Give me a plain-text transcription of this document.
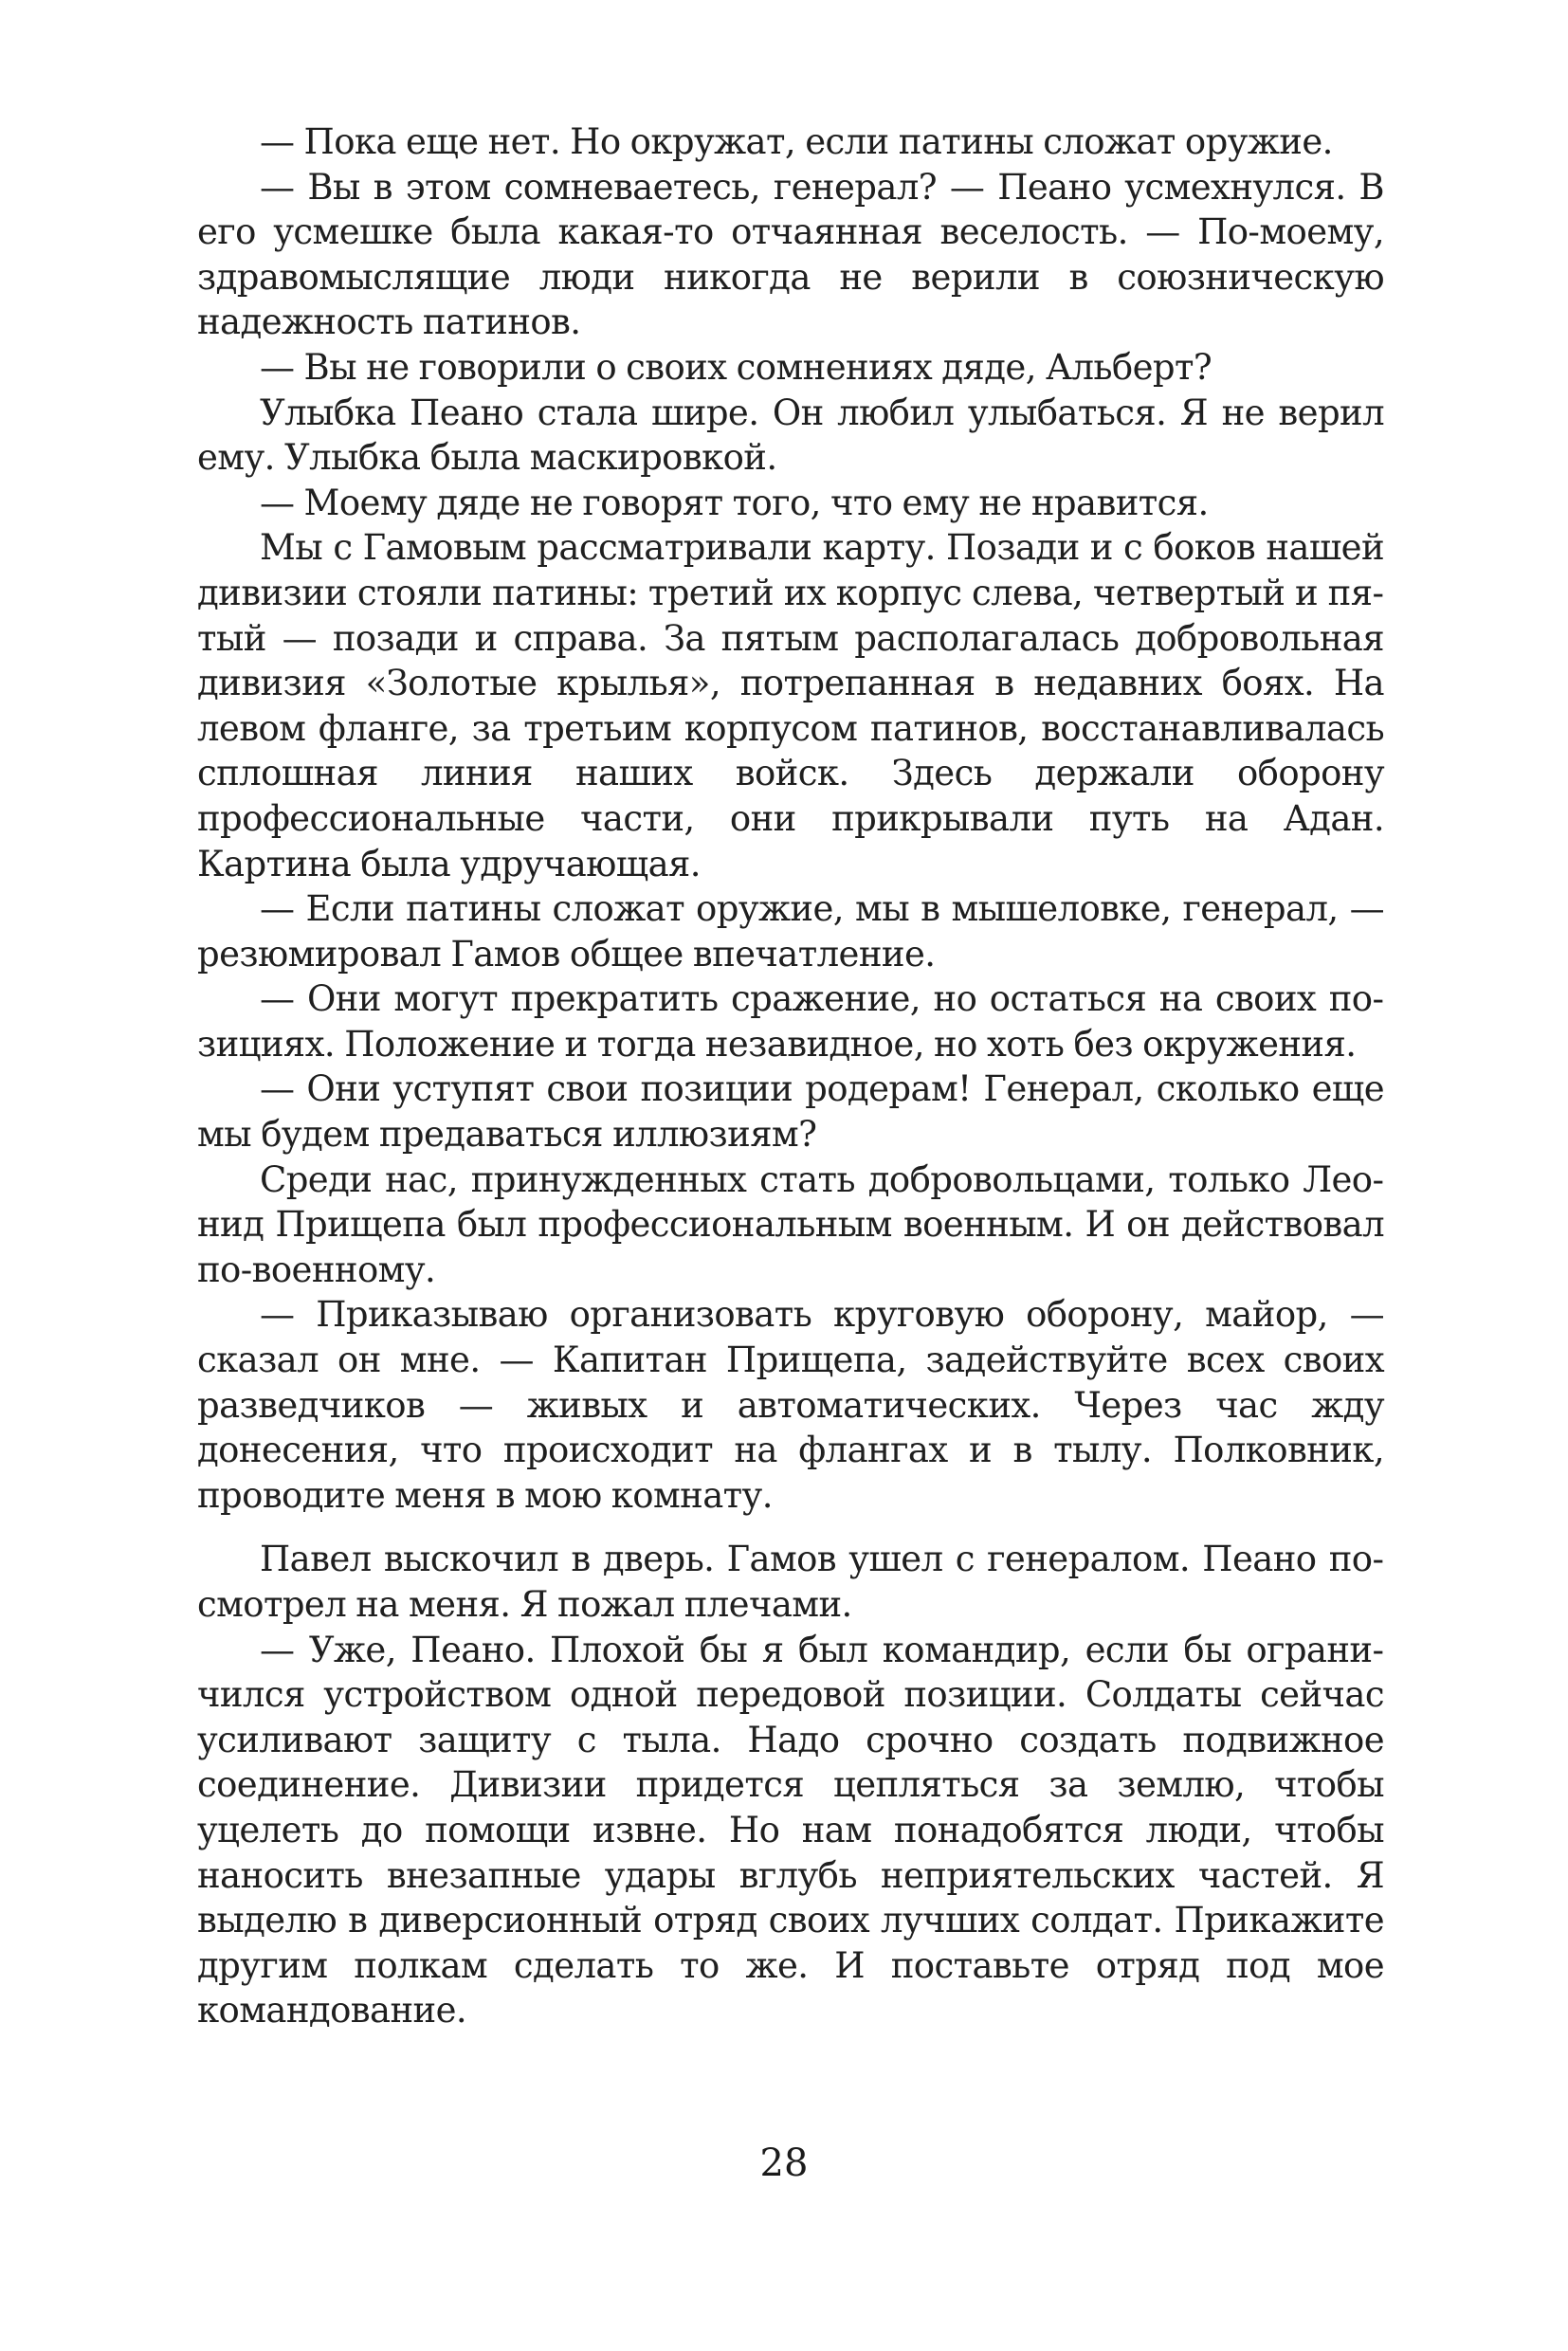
— Пока еще нет. Но окружат, если патины сложат оружие.

— Вы в этом сомневаетесь, генерал? — Пеано усмехнулся. В его усмешке была какая-то отчаянная веселость. — По-моему, здравомыслящие люди никогда не верили в союзническую надежность патинов.

— Вы не говорили о своих сомнениях дяде, Альберт?

Улыбка Пеано стала шире. Он любил улыбаться. Я не верил ему. Улыбка была маскировкой.

— Моему дяде не говорят того, что ему не нравится.

Мы с Гамовым рассматривали карту. Позади и с боков нашей дивизии стояли патины: третий их корпус слева, четвертый и пятый — позади и справа. За пятым располагалась добровольная дивизия «Золотые крылья», потрепанная в недавних боях. На левом фланге, за третьим корпусом патинов, восстанавливалась сплошная линия наших войск. Здесь держали оборону профессиональные части, они прикрывали путь на Адан. Картина была удручающая.

— Если патины сложат оружие, мы в мышеловке, генерал, — резюмировал Гамов общее впечатление.

— Они могут прекратить сражение, но остаться на своих позициях. Положение и тогда незавидное, но хоть без окружения.

— Они уступят свои позиции родерам! Генерал, сколько еще мы будем предаваться иллюзиям?

Среди нас, принужденных стать добровольцами, только Леонид Прищепа был профессиональным военным. И он действовал по-военному.

— Приказываю организовать круговую оборону, майор, — сказал он мне. — Капитан Прищепа, задействуйте всех своих разведчиков — живых и автоматических. Через час жду донесения, что происходит на флангах и в тылу. Полковник, проводите меня в мою комнату.

Павел выскочил в дверь. Гамов ушел с генералом. Пеано посмотрел на меня. Я пожал плечами.

— Уже, Пеано. Плохой бы я был командир, если бы ограничился устройством одной передовой позиции. Солдаты сейчас усиливают защиту с тыла. Надо срочно создать подвижное соединение. Дивизии придется цепляться за землю, чтобы уцелеть до помощи извне. Но нам понадобятся люди, чтобы наносить внезапные удары вглубь неприятельских частей. Я выделю в диверсионный отряд своих лучших солдат. Прикажите другим полкам сделать то же. И поставьте отряд под мое командование.

28
